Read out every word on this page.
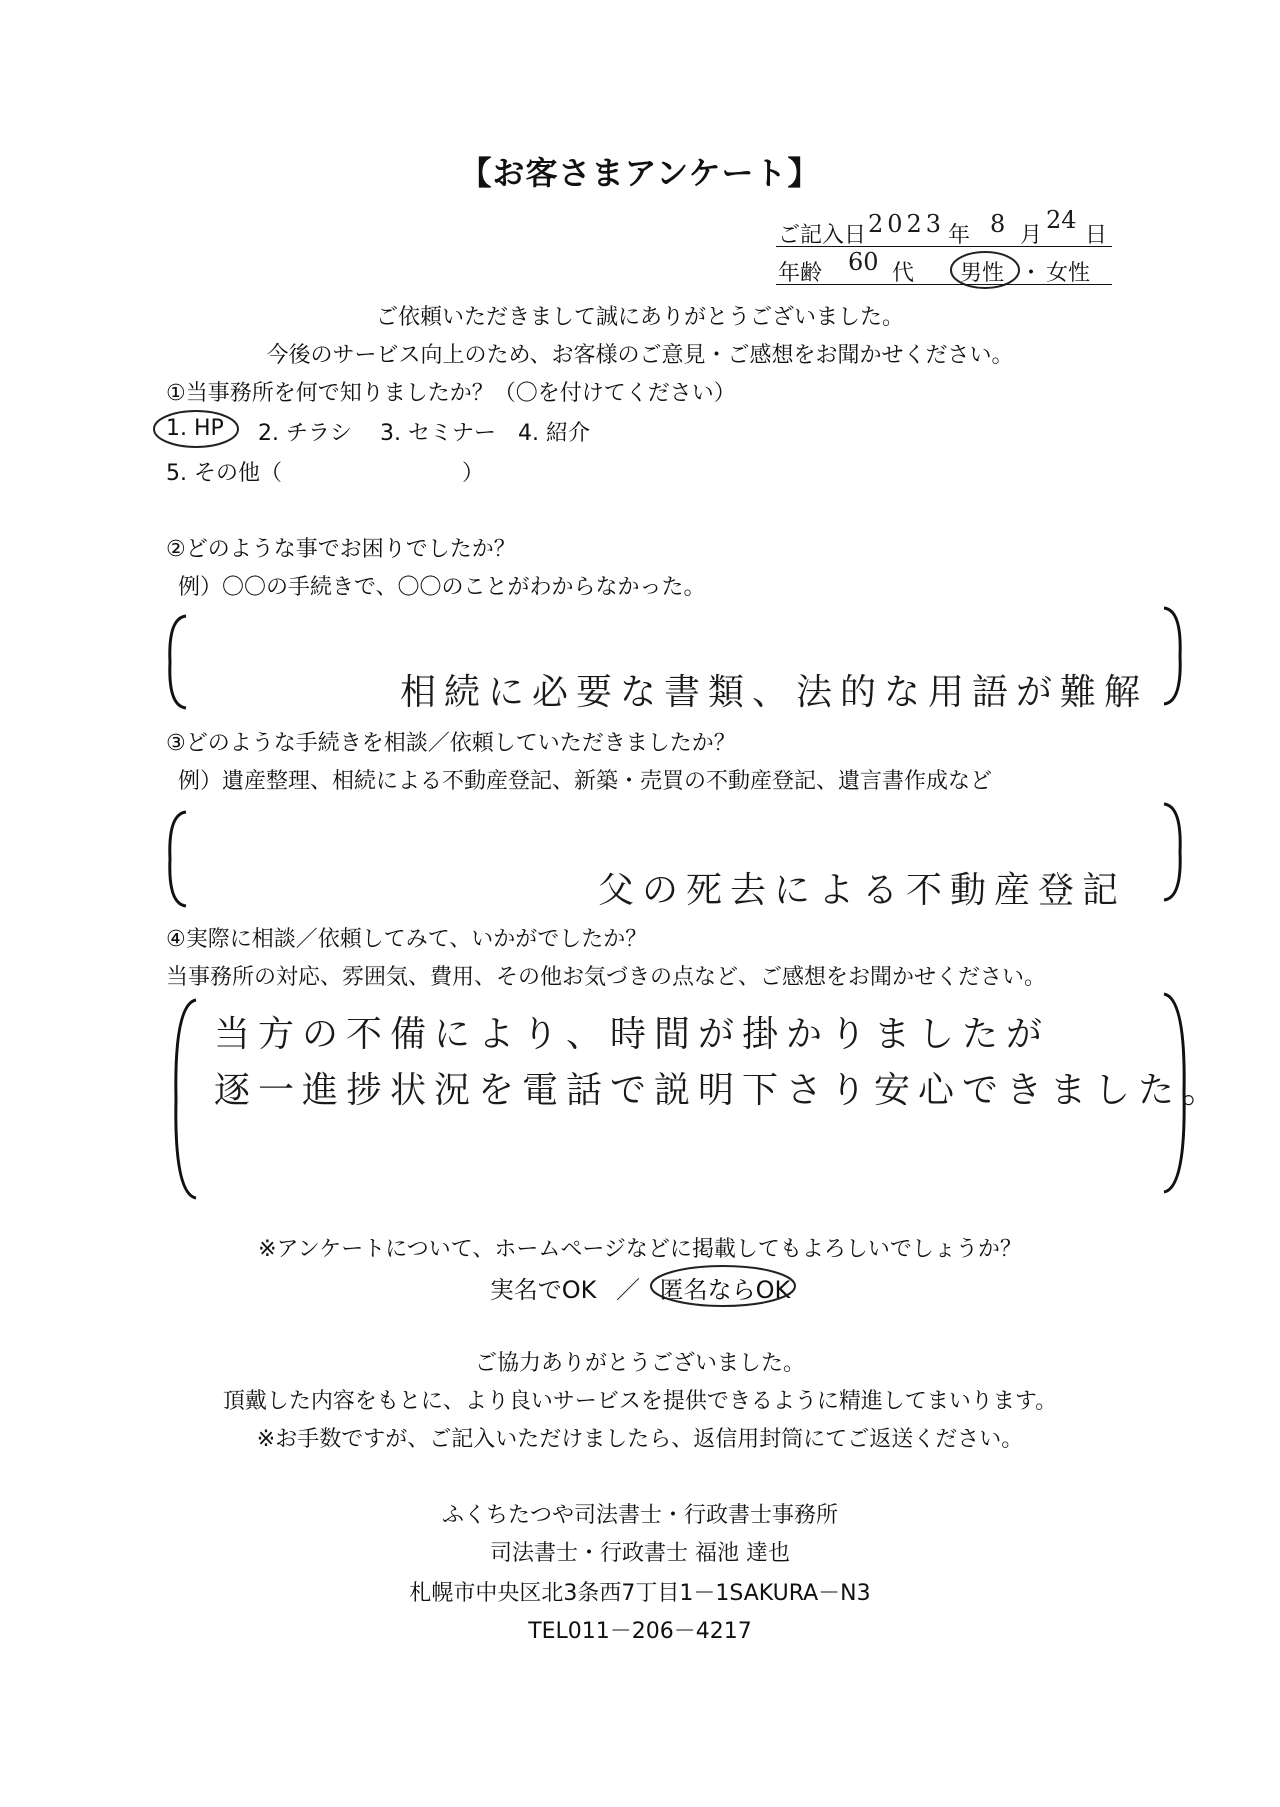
【お客さまアンケート】
ご記入日 2023 年 8 月
24
日
年齢 60 代 男性 ・ 女性
ご依頼いただきまして誠にありがとうございました。
今後のサービス向上のため、お客様のご意見・ご感想をお聞かせください。
①当事務所を何で知りましたか？（〇を付けてください）
1. HP 2. チラシ 3. セミナー 4. 紹介
5. その他（	）
②どのような事でお困りでしたか？
例）〇〇の手続きで、〇〇のことがわからなかった。
相続に必要な書類、法的な用語が難解
③どのような手続きを相談／依頼していただきましたか？
例）遺産整理、相続による不動産登記、新築・売買の不動産登記、遺言書作成など
父の死去による不動産登記
④実際に相談／依頼してみて、いかがでしたか？
当事務所の対応、雰囲気、費用、その他お気づきの点など、ご感想をお聞かせください。
当方の不備により、時間が掛かりましたが
逐一進捗状況を電話で説明下さり安心できました。
※アンケートについて、ホームページなどに掲載してもよろしいでしょうか？
実名でOK ／ 匿名ならOK
ご協力ありがとうございました。
頂戴した内容をもとに、より良いサービスを提供できるように精進してまいります。
※お手数ですが、ご記入いただけましたら、返信用封筒にてご返送ください。
ふくちたつや司法書士・行政書士事務所
司法書士・行政書士 福池 達也
札幌市中央区北3条西7丁目1－1SAKURA－N3
TEL011－206－4217
